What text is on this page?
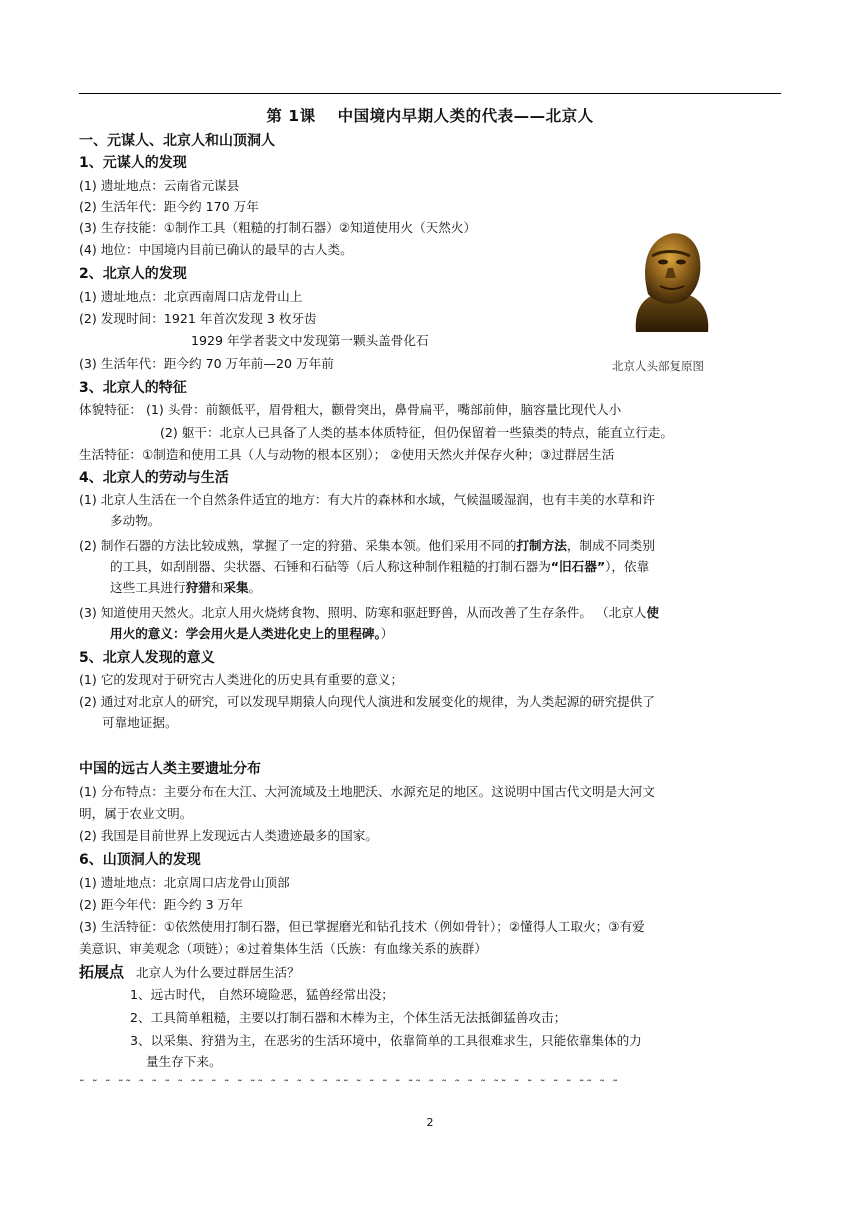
第 1课 中国境内早期人类的代表——北京人
一、元谋人、北京人和山顶洞人
1、元谋人的发现
(1) 遗址地点：云南省元谋县
(2) 生活年代：距今约 170 万年
(3) 生存技能：①制作工具（粗糙的打制石器）②知道使用火（天然火）
(4) 地位：中国境内目前已确认的最早的古人类。
2、北京人的发现
(1) 遗址地点：北京西南周口店龙骨山上
(2) 发现时间：1921 年首次发现 3 枚牙齿
1929 年学者裴文中发现第一颗头盖骨化石
(3) 生活年代：距今约 70 万年前—20 万年前	北京人头部复原图
3、北京人的特征
体貌特征： (1) 头骨：前额低平，眉骨粗大，颧骨突出，鼻骨扁平，嘴部前伸，脑容量比现代人小
(2) 躯干：北京人已具备了人类的基本体质特征，但仍保留着一些猿类的特点，能直立行走。
生活特征：①制造和使用工具（人与动物的根本区别）； ②使用天然火并保存火种；③过群居生活
4、北京人的劳动与生活
(1) 北京人生活在一个自然条件适宜的地方：有大片的森林和水域，气候温暖湿润，也有丰美的水草和许
多动物。
(2) 制作石器的方法比较成熟，掌握了一定的狩猎、采集本领。他们采用不同的打制方法，制成不同类别
的工具，如刮削器、尖状器、石锤和石砧等（后人称这种制作粗糙的打制石器为“旧石器”），依靠
这些工具进行狩猎和采集。
(3) 知道使用天然火。北京人用火烧烤食物、照明、防寒和驱赶野兽，从而改善了生存条件。 （北京人使
用火的意义：学会用火是人类进化史上的里程碑。）
5、北京人发现的意义
(1) 它的发现对于研究古人类进化的历史具有重要的意义；
(2) 通过对北京人的研究，可以发现早期猿人向现代人演进和发展变化的规律，为人类起源的研究提供了
可靠地证据。
中国的远古人类主要遗址分布
(1) 分布特点：主要分布在大江、大河流域及土地肥沃、水源充足的地区。这说明中国古代文明是大河文
明，属于农业文明。
(2) 我国是目前世界上发现远古人类遗迹最多的国家。
6、山顶洞人的发现
(1) 遗址地点：北京周口店龙骨山顶部
(2) 距今年代：距今约 3 万年
(3) 生活特征：①依然使用打制石器，但已掌握磨光和钻孔技术（例如骨针）；②懂得人工取火；③有爱
美意识、审美观念（项链）；④过着集体生活（氏族：有血缘关系的族群）
拓展点 北京人为什么要过群居生活？
1、远古时代， 自然环境险恶，猛兽经常出没；
2、工具简单粗糙，主要以打制石器和木棒为主，个体生活无法抵御猛兽攻击；
3、以采集、狩猎为主，在恶劣的生活环境中，依靠简单的工具很难求生，只能依靠集体的力
量生存下来。
˜ ˜ ˜ ˜˜ ˜ ˜ ˜ ˜ ˜˜ ˜ ˜ ˜ ˜˜ ˜ ˜ ˜ ˜ ˜ ˜˜ ˜ ˜ ˜ ˜ ˜˜ ˜ ˜ ˜ ˜ ˜ ˜˜ ˜ ˜ ˜ ˜ ˜ ˜˜ ˜ ˜
2
